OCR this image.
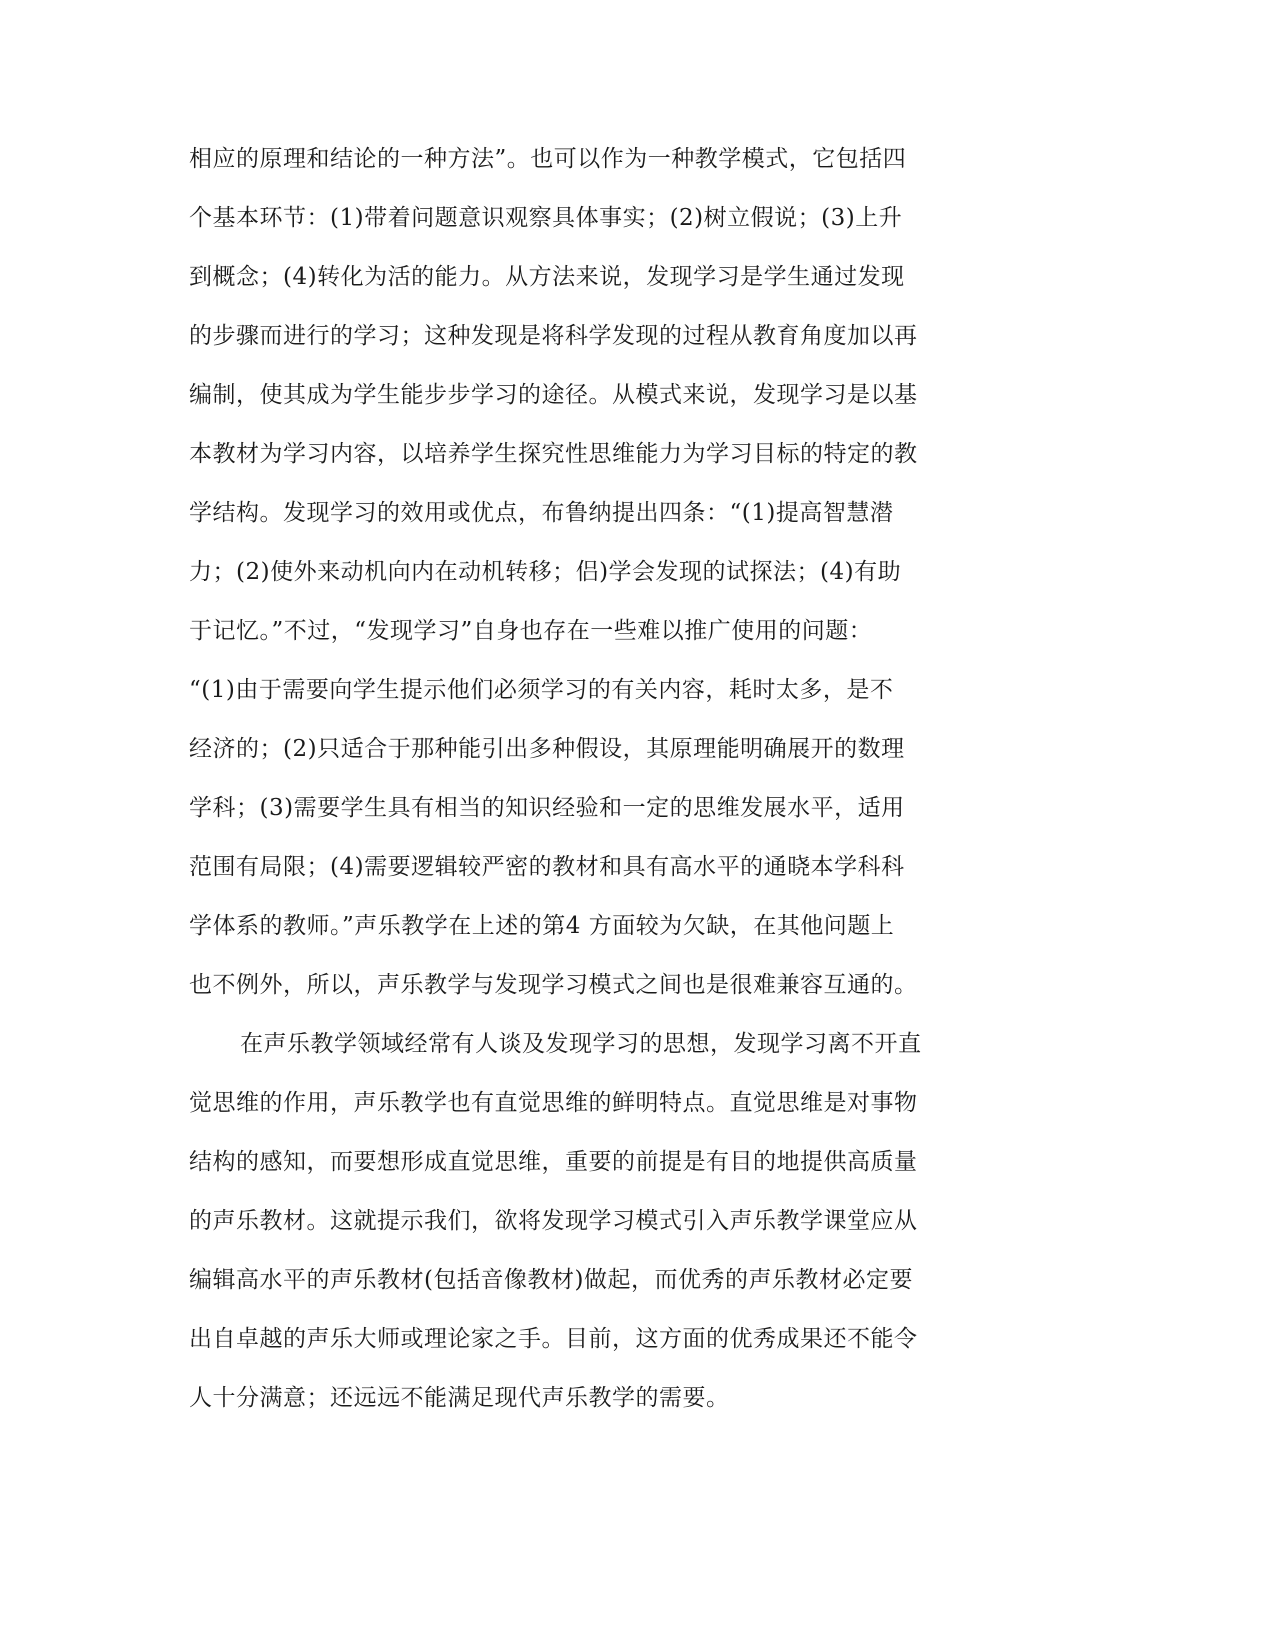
相应的原理和结论的一种方法”。也可以作为一种教学模式，它包括四
个基本环节：(1)带着问题意识观察具体事实；(2)树立假说；(3)上升
到概念；(4)转化为活的能力。从方法来说，发现学习是学生通过发现
的步骤而进行的学习；这种发现是将科学发现的过程从教育角度加以再
编制，使其成为学生能步步学习的途径。从模式来说，发现学习是以基
本教材为学习内容，以培养学生探究性思维能力为学习目标的特定的教
学结构。发现学习的效用或优点，布鲁纳提出四条：“(1)提高智慧潜
力；(2)使外来动机向内在动机转移；侣)学会发现的试探法；(4)有助
于记忆。”不过，“发现学习”自身也存在一些难以推广使用的问题：
“(1)由于需要向学生提示他们必须学习的有关内容，耗时太多，是不
经济的；(2)只适合于那种能引出多种假设，其原理能明确展开的数理
学科；(3)需要学生具有相当的知识经验和一定的思维发展水平，适用
范围有局限；(4)需要逻辑较严密的教材和具有高水平的通晓本学科科
学体系的教师。”声乐教学在上述的第4 方面较为欠缺，在其他问题上
也不例外，所以，声乐教学与发现学习模式之间也是很难兼容互通的。
在声乐教学领域经常有人谈及发现学习的思想，发现学习离不开直
觉思维的作用，声乐教学也有直觉思维的鲜明特点。直觉思维是对事物
结构的感知，而要想形成直觉思维，重要的前提是有目的地提供高质量
的声乐教材。这就提示我们，欲将发现学习模式引入声乐教学课堂应从
编辑高水平的声乐教材(包括音像教材)做起，而优秀的声乐教材必定要
出自卓越的声乐大师或理论家之手。目前，这方面的优秀成果还不能令
人十分满意；还远远不能满足现代声乐教学的需要。
